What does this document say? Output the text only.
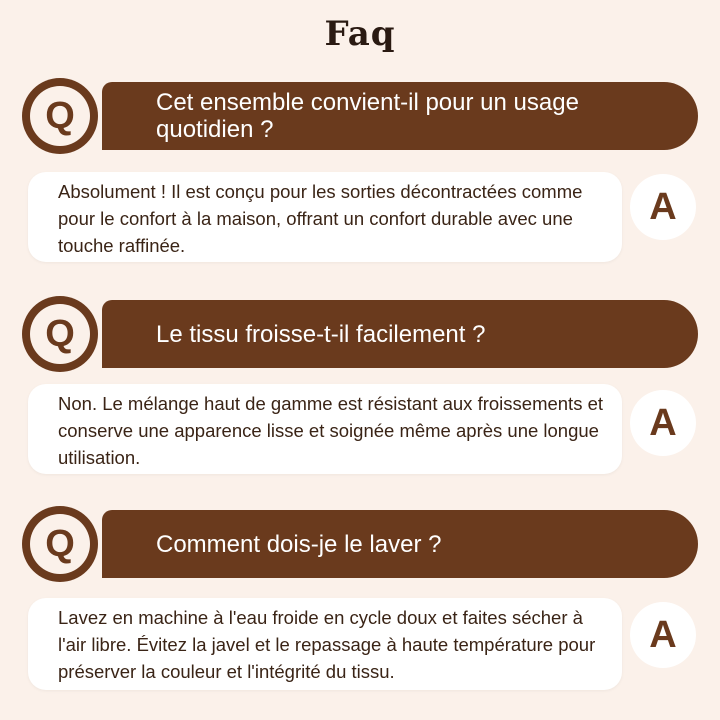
Faq
Q	Cet ensemble convient-il pour un usage quotidien ?
Absolument ! Il est conçu pour les sorties décontractées comme pour le confort à la maison, offrant un confort durable avec une touche raffinée.
A
Q	Le tissu froisse-t-il facilement ?
Non. Le mélange haut de gamme est résistant aux froissements et conserve une apparence lisse et soignée même après une longue utilisation.
A
Q	Comment dois-je le laver ?
Lavez en machine à l'eau froide en cycle doux et faites sécher à l'air libre. Évitez la javel et le repassage à haute température pour préserver la couleur et l'intégrité du tissu.
A
